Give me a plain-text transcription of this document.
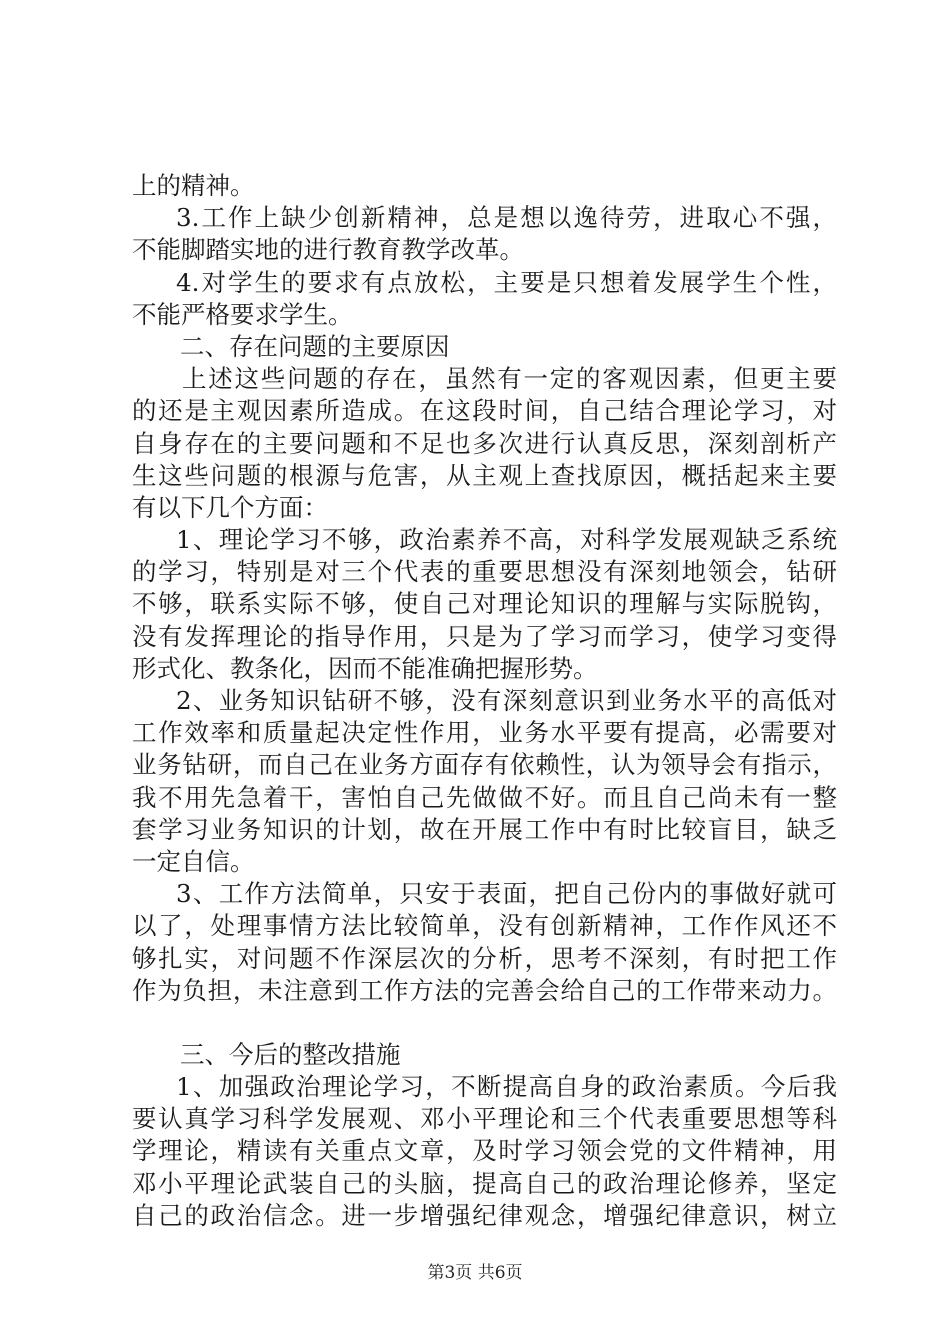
上的精神。
3.工作上缺少创新精神，总是想以逸待劳，进取心不强，
不能脚踏实地的进行教育教学改革。
4.对学生的要求有点放松，主要是只想着发展学生个性，
不能严格要求学生。
二、存在问题的主要原因
上述这些问题的存在，虽然有一定的客观因素，但更主要
的还是主观因素所造成。在这段时间，自己结合理论学习，对
自身存在的主要问题和不足也多次进行认真反思，深刻剖析产
生这些问题的根源与危害，从主观上查找原因，概括起来主要
有以下几个方面：
1、理论学习不够，政治素养不高，对科学发展观缺乏系统
的学习，特别是对三个代表的重要思想没有深刻地领会，钻研
不够，联系实际不够，使自己对理论知识的理解与实际脱钩，
没有发挥理论的指导作用，只是为了学习而学习，使学习变得
形式化、教条化，因而不能准确把握形势。
2、业务知识钻研不够，没有深刻意识到业务水平的高低对
工作效率和质量起决定性作用，业务水平要有提高，必需要对
业务钻研，而自己在业务方面存有依赖性，认为领导会有指示，
我不用先急着干，害怕自己先做做不好。而且自己尚未有一整
套学习业务知识的计划，故在开展工作中有时比较盲目，缺乏
一定自信。
3、工作方法简单，只安于表面，把自己份内的事做好就可
以了，处理事情方法比较简单，没有创新精神，工作作风还不
够扎实，对问题不作深层次的分析，思考不深刻，有时把工作
作为负担，未注意到工作方法的完善会给自己的工作带来动力。
三、今后的整改措施
1、加强政治理论学习，不断提高自身的政治素质。今后我
要认真学习科学发展观、邓小平理论和三个代表重要思想等科
学理论，精读有关重点文章，及时学习领会党的文件精神，用
邓小平理论武装自己的头脑，提高自己的政治理论修养，坚定
自己的政治信念。进一步增强纪律观念，增强纪律意识，树立
第3页 共6页
